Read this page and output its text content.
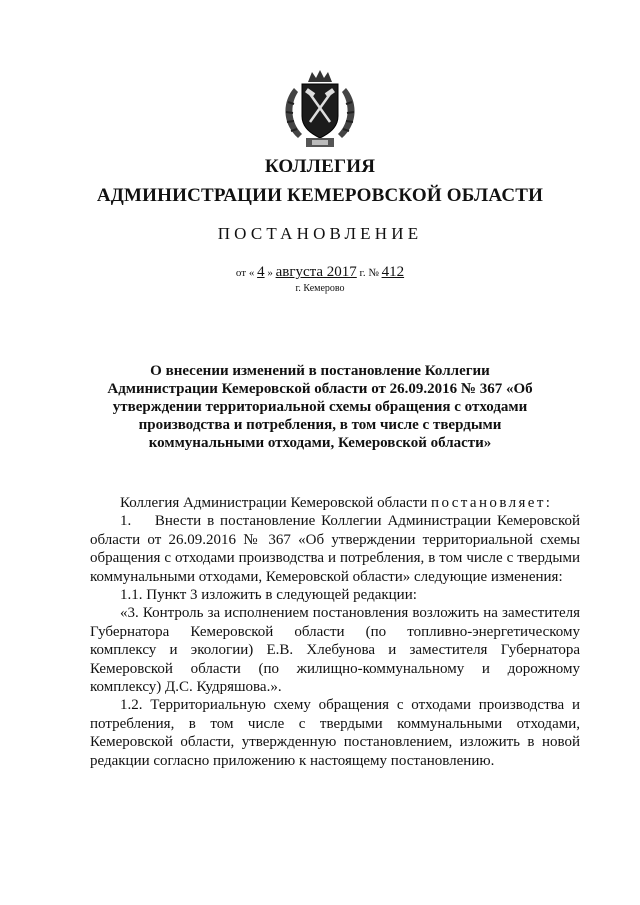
КОЛЛЕГИЯ
АДМИНИСТРАЦИИ КЕМЕРОВСКОЙ ОБЛАСТИ
ПОСТАНОВЛЕНИЕ
от « 4 » августа 2017 г. № 412
г. Кемерово
О внесении изменений в постановление Коллегии Администрации Кемеровской области от 26.09.2016 № 367 «Об утверждении территориальной схемы обращения с отходами производства и потребления, в том числе с твердыми коммунальными отходами, Кемеровской области»

Коллегия Администрации Кемеровской области постановляет:

1.    Внести в постановление Коллегии Администрации Кемеровской области от 26.09.2016 № 367 «Об утверждении территориальной схемы обращения с отходами производства и потребления, в том числе с твердыми коммунальными отходами, Кемеровской области» следующие изменения:

1.1. Пункт 3 изложить в следующей редакции:

«3. Контроль за исполнением постановления возложить на заместителя Губернатора Кемеровской области (по топливно-энергетическому комплексу и экологии) Е.В. Хлебунова и заместителя Губернатора Кемеровской области (по жилищно-коммунальному и дорожному комплексу) Д.С. Кудряшова.».

1.2. Территориальную схему обращения с отходами производства и потребления, в том числе с твердыми коммунальными отходами, Кемеровской области, утвержденную постановлением, изложить в новой редакции согласно приложению к настоящему постановлению.
